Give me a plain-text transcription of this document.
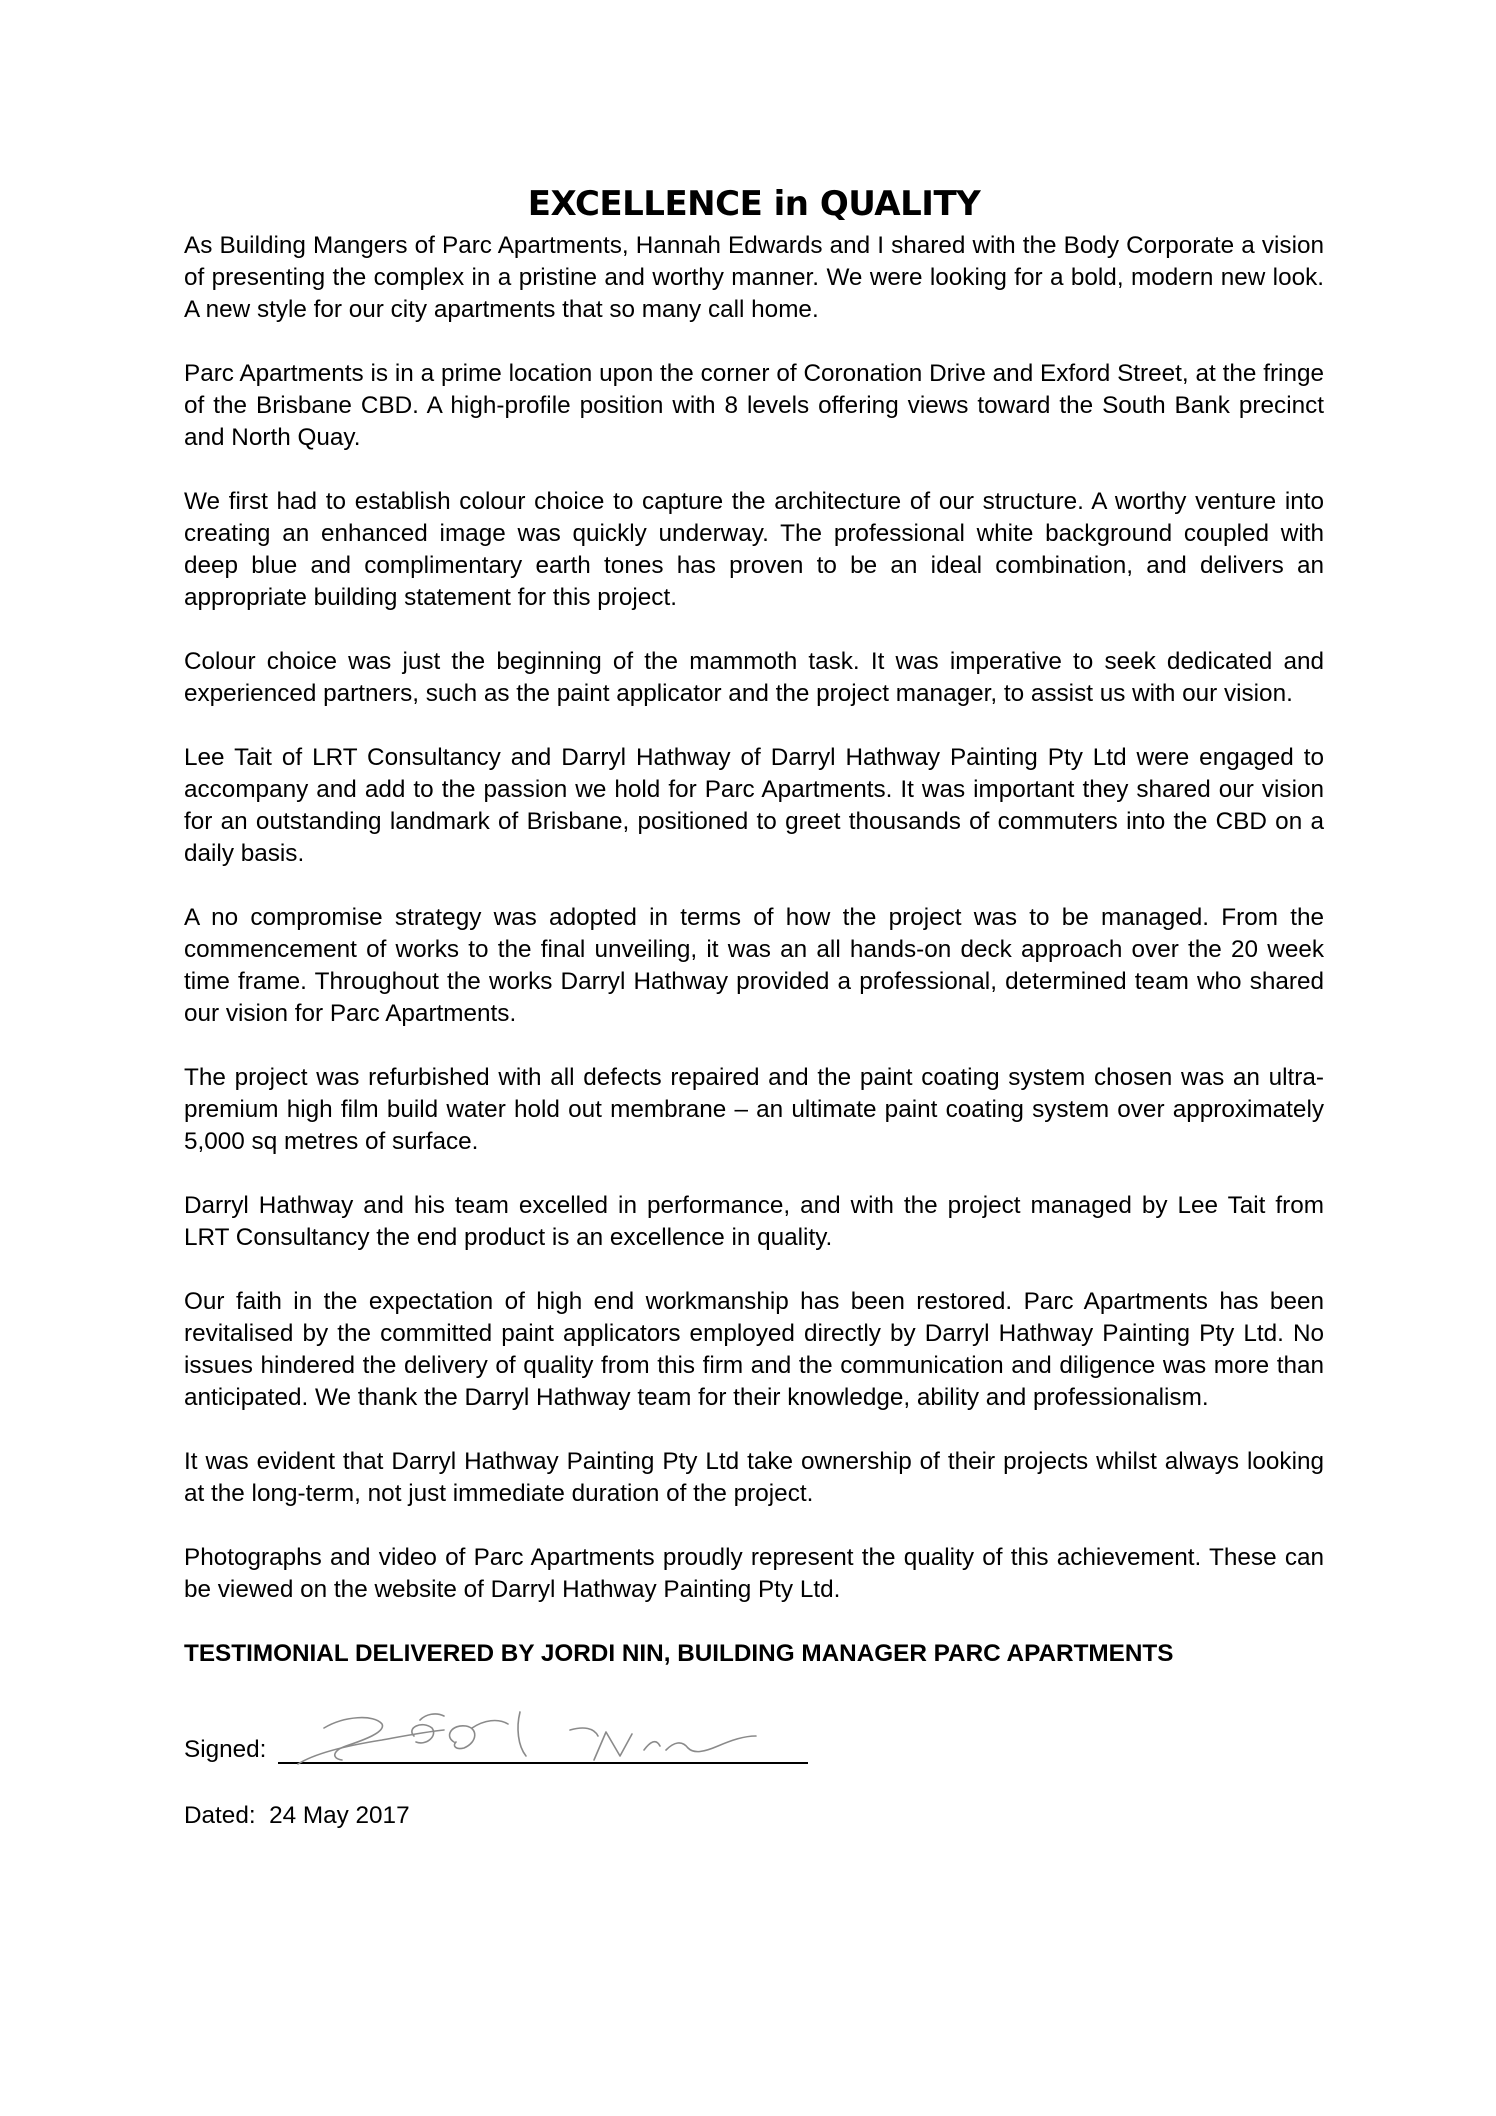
EXCELLENCE in QUALITY

As Building Mangers of Parc Apartments, Hannah Edwards and I shared with the Body Corporate a vision of presenting the complex in a pristine and worthy manner. We were looking for a bold, modern new look. A new style for our city apartments that so many call home.

Parc Apartments is in a prime location upon the corner of Coronation Drive and Exford Street, at the fringe of the Brisbane CBD. A high-profile position with 8 levels offering views toward the South Bank precinct and North Quay.

We first had to establish colour choice to capture the architecture of our structure. A worthy venture into creating an enhanced image was quickly underway. The professional white background coupled with deep blue and complimentary earth tones has proven to be an ideal combination, and delivers an appropriate building statement for this project.

Colour choice was just the beginning of the mammoth task. It was imperative to seek dedicated and experienced partners, such as the paint applicator and the project manager, to assist us with our vision.

Lee Tait of LRT Consultancy and Darryl Hathway of Darryl Hathway Painting Pty Ltd were engaged to accompany and add to the passion we hold for Parc Apartments. It was important they shared our vision for an outstanding landmark of Brisbane, positioned to greet thousands of commuters into the CBD on a daily basis.

A no compromise strategy was adopted in terms of how the project was to be managed. From the commencement of works to the final unveiling, it was an all hands-on deck approach over the 20 week time frame. Throughout the works Darryl Hathway provided a professional, determined team who shared our vision for Parc Apartments.

The project was refurbished with all defects repaired and the paint coating system chosen was an ultra-premium high film build water hold out membrane – an ultimate paint coating system over approximately 5,000 sq metres of surface.

Darryl Hathway and his team excelled in performance, and with the project managed by Lee Tait from LRT Consultancy the end product is an excellence in quality.

Our faith in the expectation of high end workmanship has been restored. Parc Apartments has been revitalised by the committed paint applicators employed directly by Darryl Hathway Painting Pty Ltd. No issues hindered the delivery of quality from this firm and the communication and diligence was more than anticipated. We thank the Darryl Hathway team for their knowledge, ability and professionalism.

It was evident that Darryl Hathway Painting Pty Ltd take ownership of their projects whilst always looking at the long-term, not just immediate duration of the project.

Photographs and video of Parc Apartments proudly represent the quality of this achievement. These can be viewed on the website of Darryl Hathway Painting Pty Ltd.

TESTIMONIAL DELIVERED BY JORDI NIN, BUILDING MANAGER PARC APARTMENTS
Signed:
Dated: 24 May 2017
